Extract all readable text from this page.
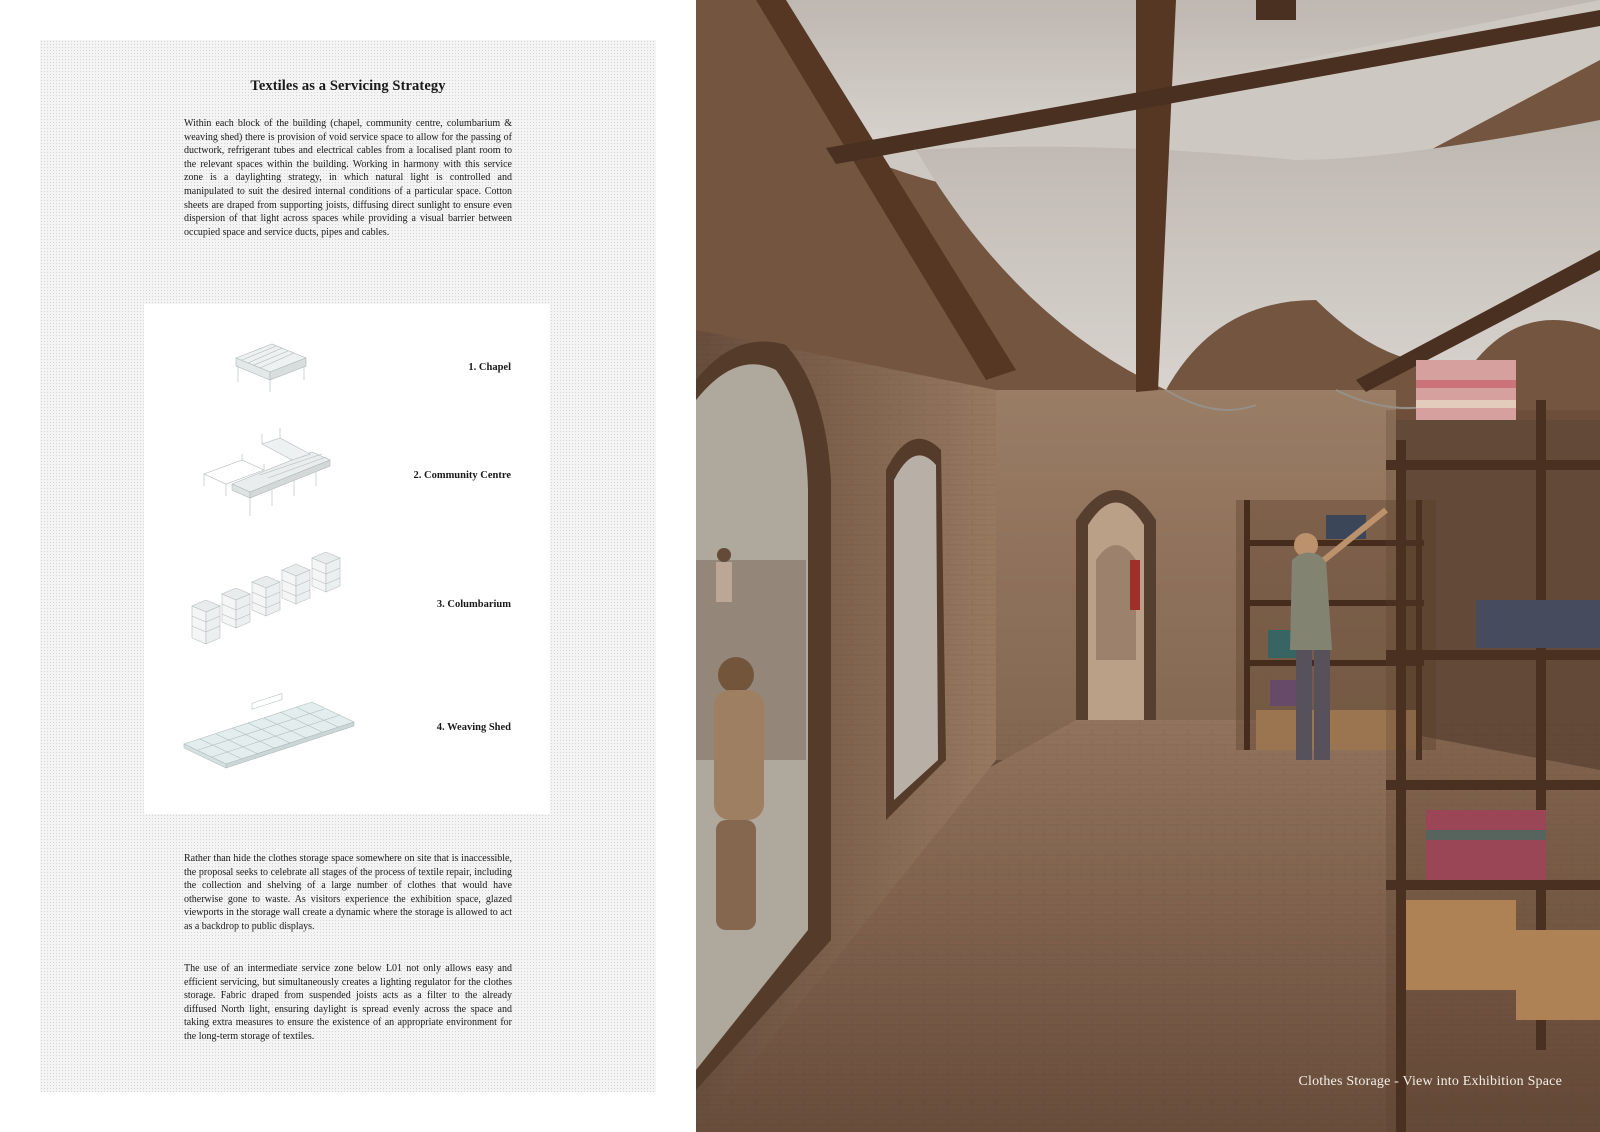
Textiles as a Servicing Strategy

Within each block of the building (chapel, community centre, columbarium & weaving shed) there is provision of void service space to allow for the passing of ductwork, refrigerant tubes and electrical cables from a localised plant room to the relevant spaces within the building. Working in harmony with this service zone is a daylighting strategy, in which natural light is controlled and manipulated to suit the desired internal conditions of a particular space. Cotton sheets are draped from supporting joists, diffusing direct sunlight to ensure even dispersion of that light across spaces while providing a visual barrier between occupied space and service ducts, pipes and cables.

1. Chapel
2. Community Centre
3. Columbarium
4. Weaving Shed

Rather than hide the clothes storage space somewhere on site that is inaccessible, the proposal seeks to celebrate all stages of the process of textile repair, including the collection and shelving of a large number of clothes that would have otherwise gone to waste. As visitors experience the exhibition space, glazed viewports in the storage wall create a dynamic where the storage is allowed to act as a backdrop to public displays.

The use of an intermediate service zone below L01 not only allows easy and efficient servicing, but simultaneously creates a lighting regulator for the clothes storage. Fabric draped from suspended joists acts as a filter to the already diffused North light, ensuring daylight is spread evenly across the space and taking extra measures to ensure the existence of an appropriate environment for the long-term storage of textiles.

Clothes Storage - View into Exhibition Space
